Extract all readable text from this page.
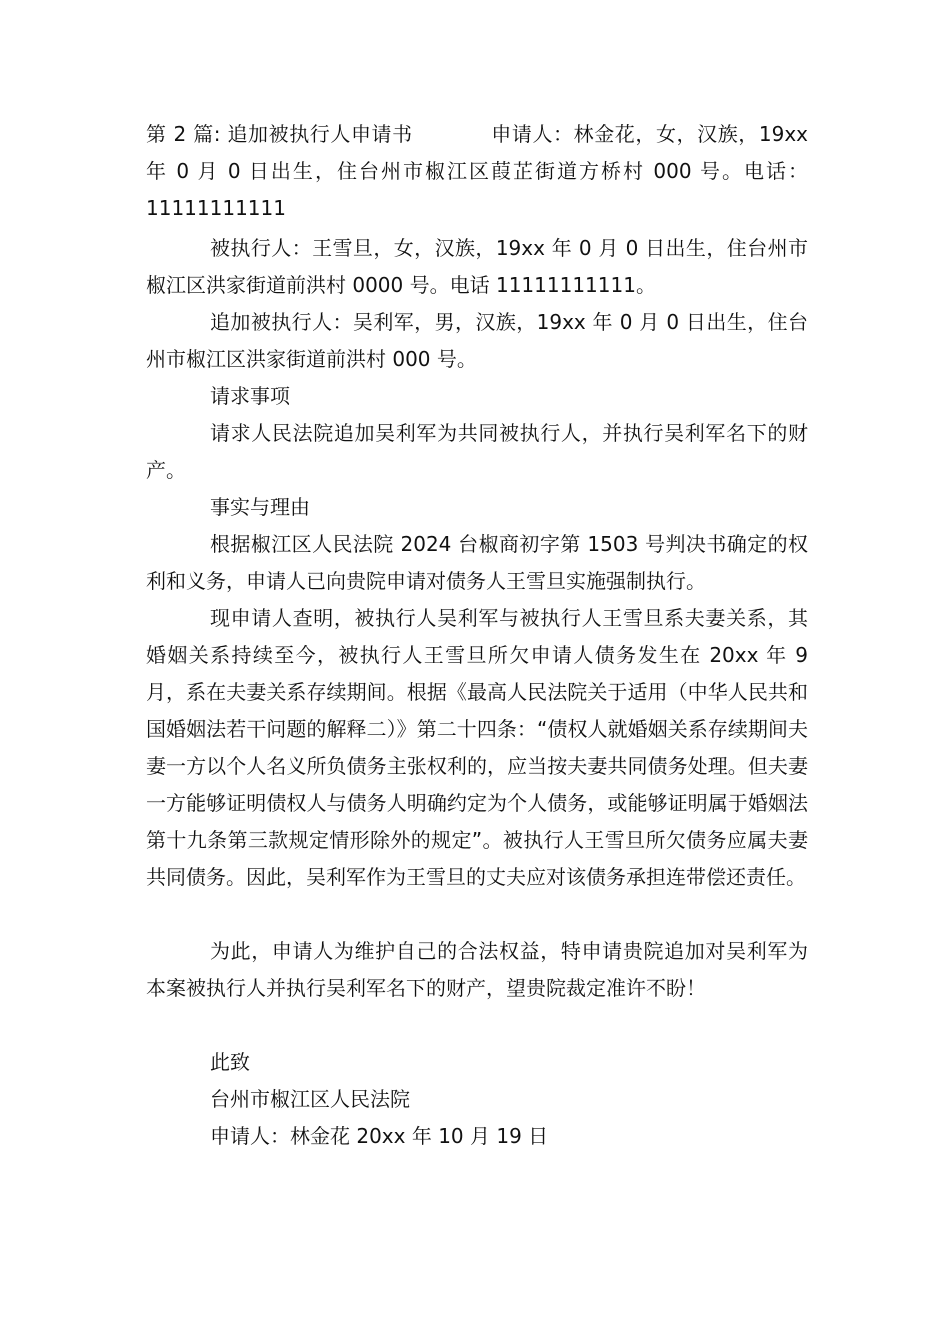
第 2 篇: 追加被执行人申请书	申请人：林金花，女，汉族，19xx 年 0 月 0 日出生，住台州市椒江区葭芷街道方桥村 000 号。电话：11111111111

被执行人：王雪旦，女，汉族，19xx 年 0 月 0 日出生，住台州市椒江区洪家街道前洪村 0000 号。电话 11111111111。

追加被执行人：吴利军，男，汉族，19xx 年 0 月 0 日出生，住台州市椒江区洪家街道前洪村 000 号。

请求事项

请求人民法院追加吴利军为共同被执行人，并执行吴利军名下的财产。

事实与理由

根据椒江区人民法院 2024 台椒商初字第 1503 号判决书确定的权利和义务，申请人已向贵院申请对债务人王雪旦实施强制执行。

现申请人查明，被执行人吴利军与被执行人王雪旦系夫妻关系，其婚姻关系持续至今，被执行人王雪旦所欠申请人债务发生在 20xx 年 9 月，系在夫妻关系存续期间。根据《最高人民法院关于适用（中华人民共和国婚姻法若干问题的解释二）》第二十四条：“债权人就婚姻关系存续期间夫妻一方以个人名义所负债务主张权利的，应当按夫妻共同债务处理。但夫妻一方能够证明债权人与债务人明确约定为个人债务，或能够证明属于婚姻法第十九条第三款规定情形除外的规定”。被执行人王雪旦所欠债务应属夫妻共同债务。因此，吴利军作为王雪旦的丈夫应对该债务承担连带偿还责任。

为此，申请人为维护自己的合法权益，特申请贵院追加对吴利军为本案被执行人并执行吴利军名下的财产，望贵院裁定准许不盼！

此致

台州市椒江区人民法院

申请人：林金花 20xx 年 10 月 19 日
